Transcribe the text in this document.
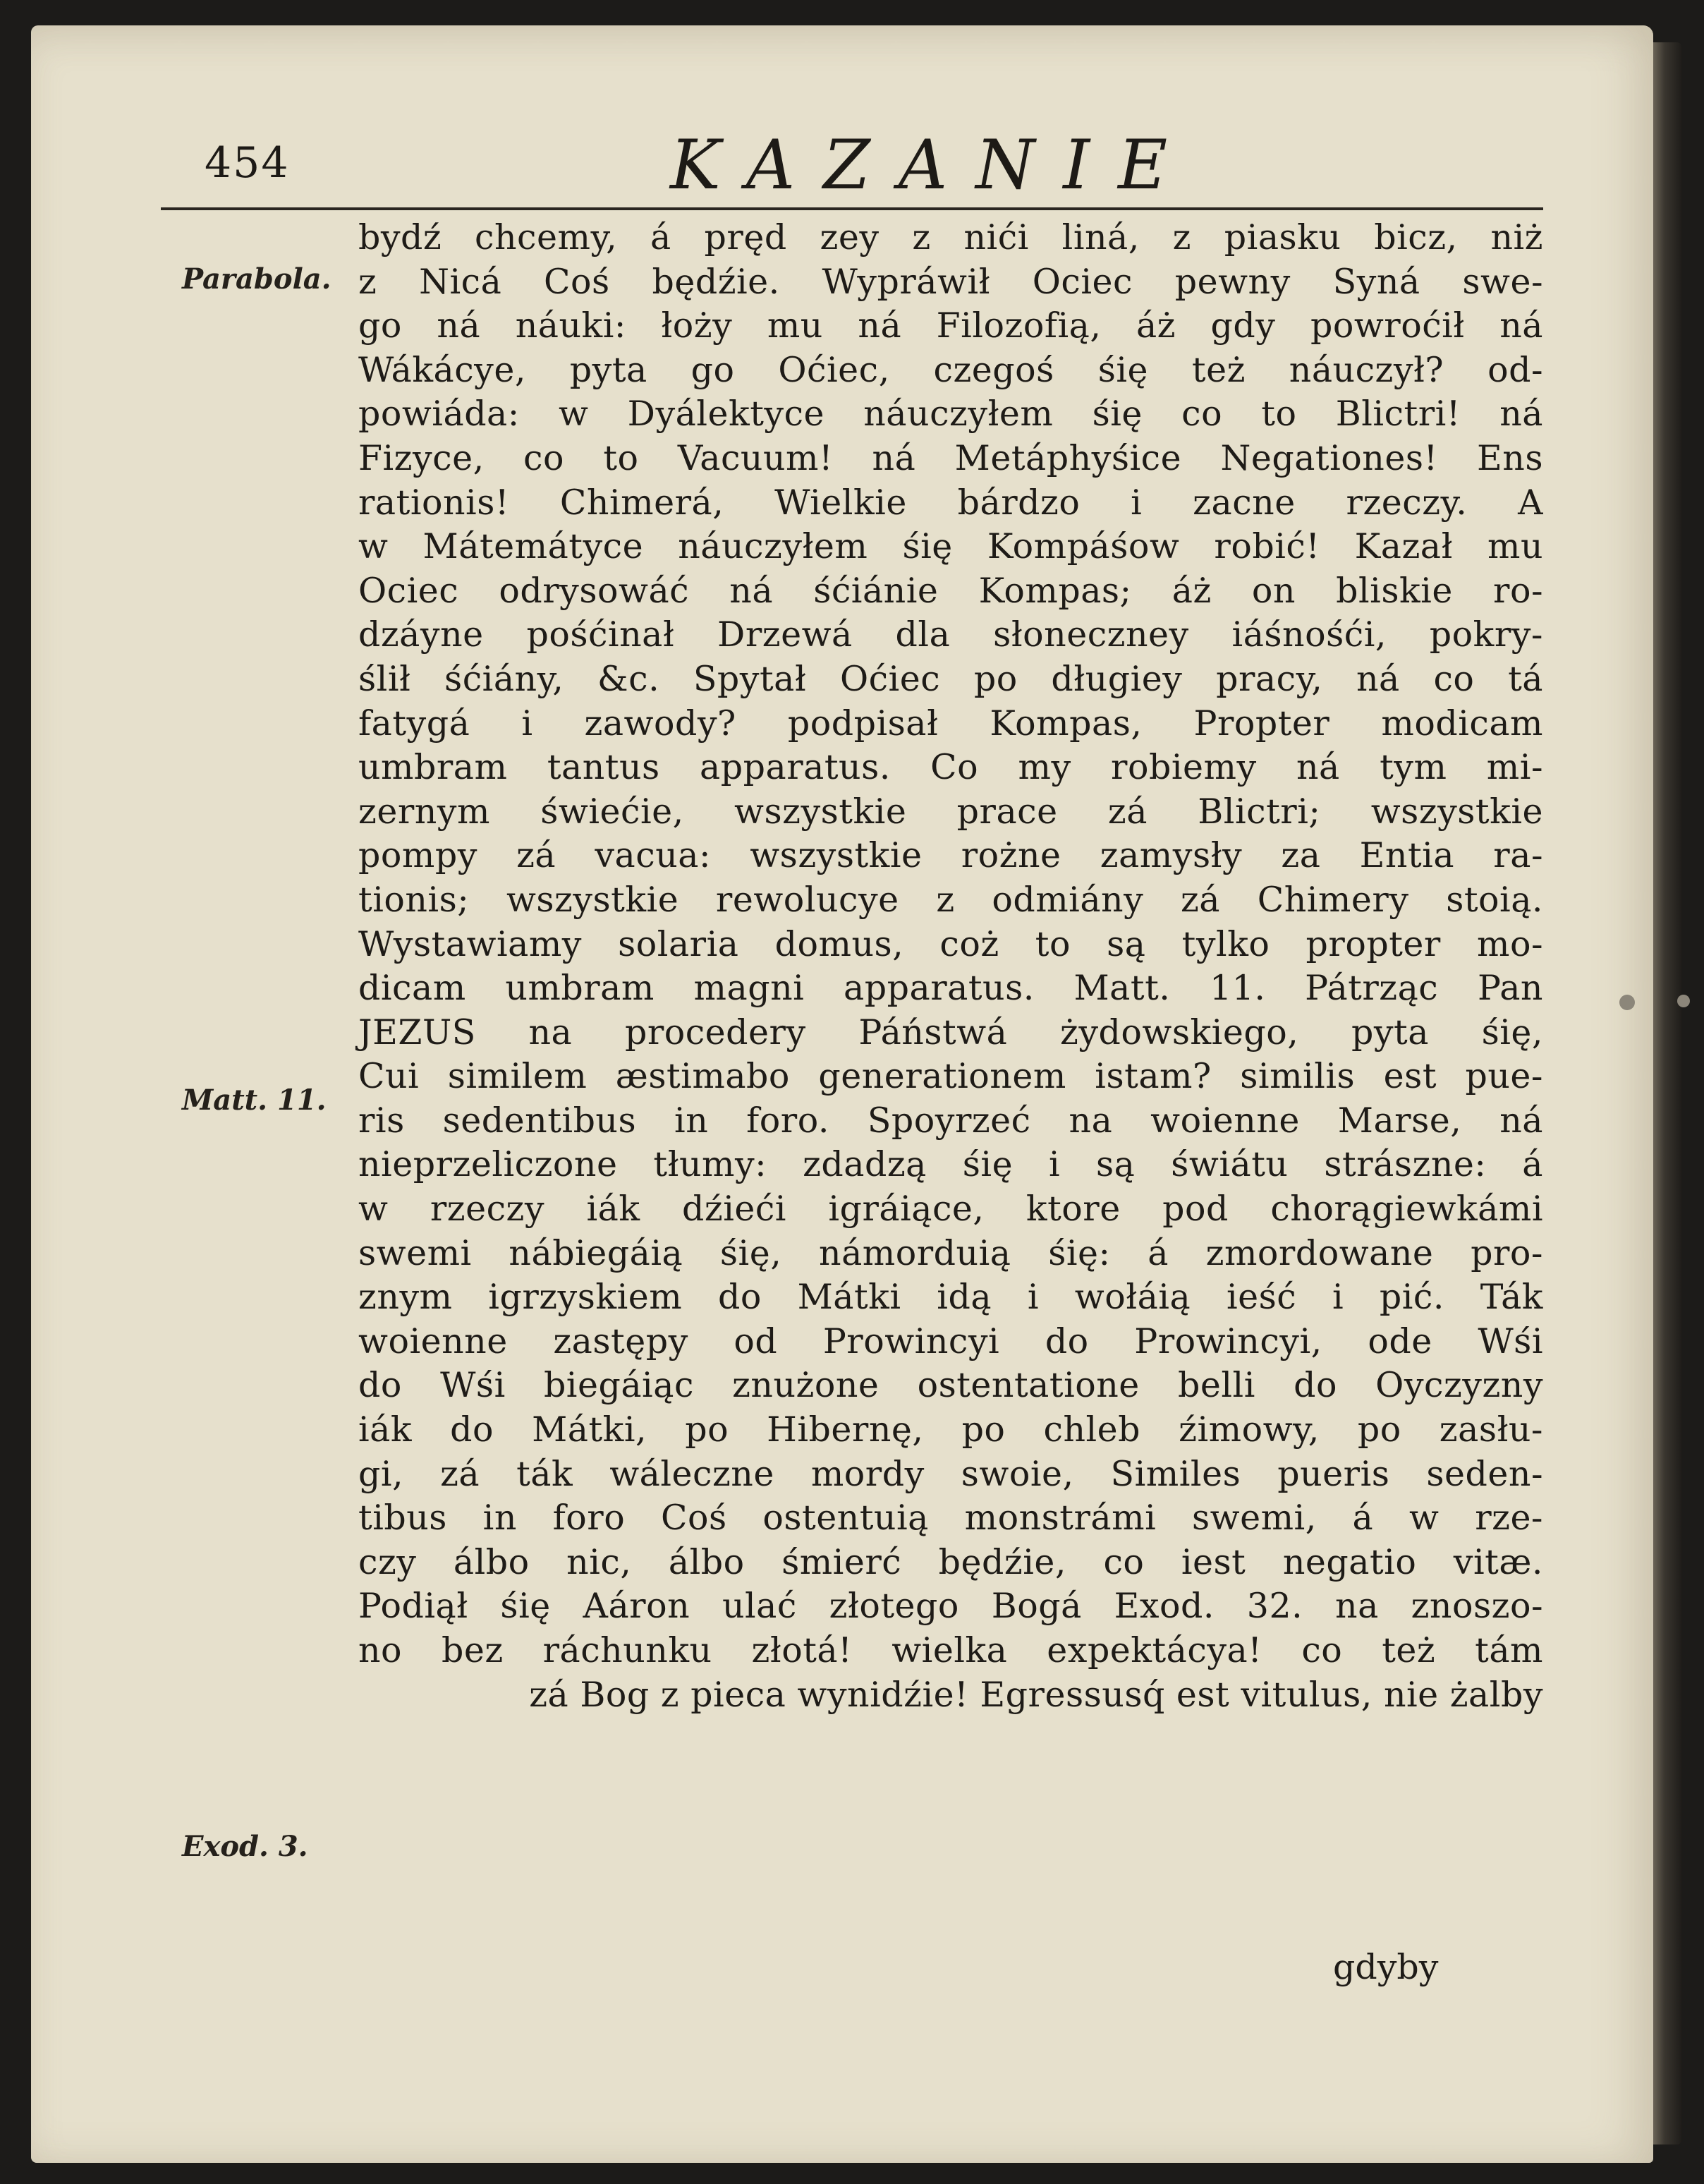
454	KAZANIE
Parabola.
Matt. 11.
Exod. 3.
bydź chcemy, á pręd zey z nići liná, z piasku bicz, niż
z Nicá Coś będźie. Wypráwił Ociec pewny Syná swe-
go ná náuki: łoży mu ná Filozofią, áż gdy powroćił ná
Wákácye, pyta go Oćiec, czegoś śię też náuczył? od-
powiáda: w Dyálektyce náuczyłem śię co to Blictri! ná
Fizyce, co to Vacuum! ná Metáphyśice Negationes! Ens
rationis! Chimerá, Wielkie bárdzo i zacne rzeczy. A
w Mátemátyce náuczyłem śię Kompáśow robić! Kazał mu
Ociec odrysowáć ná śćiánie Kompas; áż on bliskie ro-
dzáyne pośćinał Drzewá dla słoneczney iáśnośći, pokry-
ślił śćiány, &c. Spytał Oćiec po długiey pracy, ná co tá
fatygá i zawody? podpisał Kompas, Propter modicam
umbram tantus apparatus. Co my robiemy ná tym mi-
zernym świećie, wszystkie prace zá Blictri; wszystkie
pompy zá vacua: wszystkie rożne zamysły za Entia ra-
tionis; wszystkie rewolucye z odmiány zá Chimery stoią.
Wystawiamy solaria domus, coż to są tylko propter mo-
dicam umbram magni apparatus. Matt. 11. Pátrząc Pan
JEZUS na procedery Páństwá żydowskiego, pyta śię,
Cui similem æstimabo generationem istam? similis est pue-
ris sedentibus in foro. Spoyrzeć na woienne Marse, ná
nieprzeliczone tłumy: zdadzą śię i są świátu strászne: á
w rzeczy iák dźieći igráiące, ktore pod chorągiewkámi
swemi nábiegáią śię, námorduią śię: á zmordowane pro-
znym igrzyskiem do Mátki idą i wołáią ieść i pić. Ták
woienne zastępy od Prowincyi do Prowincyi, ode Wśi
do Wśi biegáiąc znużone ostentatione belli do Oyczyzny
iák do Mátki, po Hibernę, po chleb źimowy, po zasłu-
gi, zá ták wáleczne mordy swoie, Similes pueris seden-
tibus in foro Coś ostentuią monstrámi swemi, á w rze-
czy álbo nic, álbo śmierć będźie, co iest negatio vitæ.
Podiął śię Aáron ulać złotego Bogá Exod. 32. na znoszo-
no bez ráchunku złotá! wielka expektácya! co też tám
zá Bog z pieca wynidźie! Egressusq́ est vitulus, nie żalby
gdyby
